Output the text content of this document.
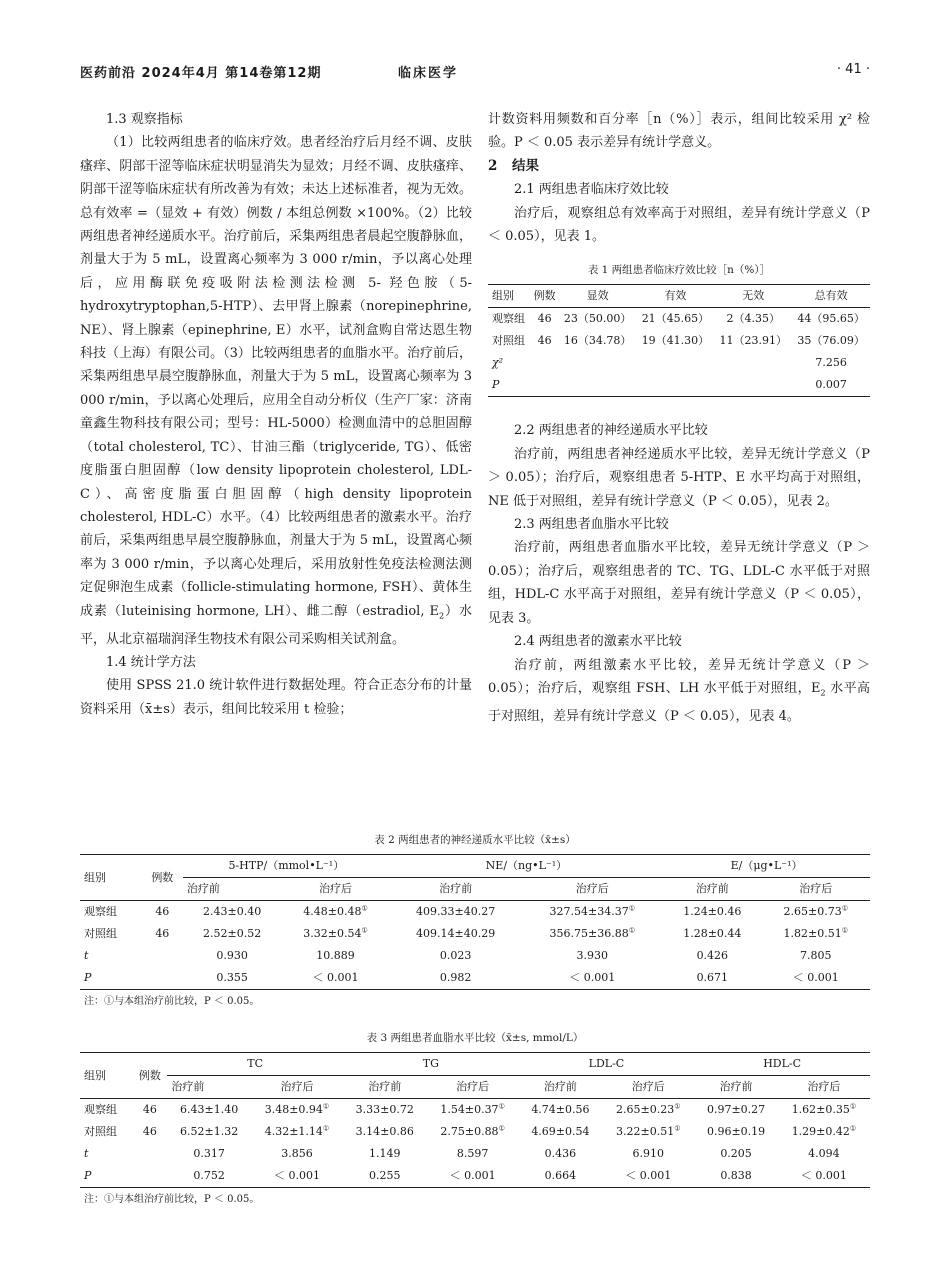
医药前沿 2024年4月 第14卷第12期	临床医学	· 41 ·
1.3 观察指标

（1）比较两组患者的临床疗效。患者经治疗后月经不调、皮肤瘙痒、阴部干涩等临床症状明显消失为显效；月经不调、皮肤瘙痒、阴部干涩等临床症状有所改善为有效；未达上述标准者，视为无效。总有效率 =（显效 + 有效）例数 / 本组总例数 ×100%。（2）比较两组患者神经递质水平。治疗前后，采集两组患者晨起空腹静脉血，剂量大于为 5 mL，设置离心频率为 3 000 r/min，予以离心处理后，应用酶联免疫吸附法检测法检测 5- 羟色胺（5-hydroxytryptophan,5-HTP）、去甲肾上腺素（norepinephrine, NE）、肾上腺素（epinephrine, E）水平，试剂盒购自常达恩生物科技（上海）有限公司。（3）比较两组患者的血脂水平。治疗前后，采集两组患早晨空腹静脉血，剂量大于为 5 mL，设置离心频率为 3 000 r/min，予以离心处理后，应用全自动分析仪（生产厂家：济南童鑫生物科技有限公司；型号：HL-5000）检测血清中的总胆固醇（total cholesterol, TC）、甘油三酯（triglyceride, TG）、低密度脂蛋白胆固醇（low density lipoprotein cholesterol, LDL-C）、高密度脂蛋白胆固醇（high density lipoprotein cholesterol, HDL-C）水平。（4）比较两组患者的激素水平。治疗前后，采集两组患早晨空腹静脉血，剂量大于为 5 mL，设置离心频率为 3 000 r/min，予以离心处理后，采用放射性免疫法检测法测定促卵泡生成素（follicle-stimulating hormone, FSH）、黄体生成素（luteinising hormone, LH）、雌二醇（estradiol, $E_2$）水平，从北京福瑞润泽生物技术有限公司采购相关试剂盒。

1.4 统计学方法

使用 SPSS 21.0 统计软件进行数据处理。符合正态分布的计量资料采用（x̄±s）表示，组间比较采用 t 检验；

计数资料用频数和百分率［n（%）］表示，组间比较采用 χ² 检验。P ＜ 0.05 表示差异有统计学意义。

2 结果
2.1 两组患者临床疗效比较

治疗后，观察组总有效率高于对照组，差异有统计学意义（P ＜ 0.05），见表 1。

表 1 两组患者临床疗效比较［n（%）］
组别	例数	显效	有效	无效	总有效
观察组	46	23（50.00）	21（45.65）	2（4.35）	44（95.65）
对照组	46	16（34.78）	19（41.30）	11（23.91）	35（76.09）
χ²					7.256
P					0.007
2.2 两组患者的神经递质水平比较

治疗前，两组患者神经递质水平比较，差异无统计学意义（P ＞ 0.05）；治疗后，观察组患者 5-HTP、E 水平均高于对照组，NE 低于对照组，差异有统计学意义（P ＜ 0.05），见表 2。

2.3 两组患者血脂水平比较

治疗前，两组患者血脂水平比较，差异无统计学意义（P ＞ 0.05）；治疗后，观察组患者的 TC、TG、LDL-C 水平低于对照组，HDL-C 水平高于对照组，差异有统计学意义（P ＜ 0.05），见表 3。

2.4 两组患者的激素水平比较

治疗前，两组激素水平比较，差异无统计学意义（P ＞ 0.05）；治疗后，观察组 FSH、LH 水平低于对照组，$E_2$ 水平高于对照组，差异有统计学意义（P ＜ 0.05），见表 4。

表 2 两组患者的神经递质水平比较（x̄±s）
组别	例数	5-HTP/（mmol•L⁻¹）		NE/（ng•L⁻¹）		E/（μg•L⁻¹）	
		治疗前	治疗后	治疗前	治疗后	治疗前	治疗后
观察组	46	2.43±0.40	4.48±0.48①	409.33±40.27	327.54±34.37①	1.24±0.46	2.65±0.73①
对照组	46	2.52±0.52	3.32±0.54①	409.14±40.29	356.75±36.88①	1.28±0.44	1.82±0.51①
t		0.930	10.889	0.023	3.930	0.426	7.805
P		0.355	＜ 0.001	0.982	＜ 0.001	0.671	＜ 0.001
注：①与本组治疗前比较，P ＜ 0.05。
表 3 两组患者血脂水平比较（x̄±s, mmol/L）
组别	例数	TC		TG		LDL-C		HDL-C	
		治疗前	治疗后	治疗前	治疗后	治疗前	治疗后	治疗前	治疗后
观察组	46	6.43±1.40	3.48±0.94①	3.33±0.72	1.54±0.37①	4.74±0.56	2.65±0.23①	0.97±0.27	1.62±0.35①
对照组	46	6.52±1.32	4.32±1.14①	3.14±0.86	2.75±0.88①	4.69±0.54	3.22±0.51①	0.96±0.19	1.29±0.42①
t		0.317	3.856	1.149	8.597	0.436	6.910	0.205	4.094
P		0.752	＜ 0.001	0.255	＜ 0.001	0.664	＜ 0.001	0.838	＜ 0.001
注：①与本组治疗前比较，P ＜ 0.05。
